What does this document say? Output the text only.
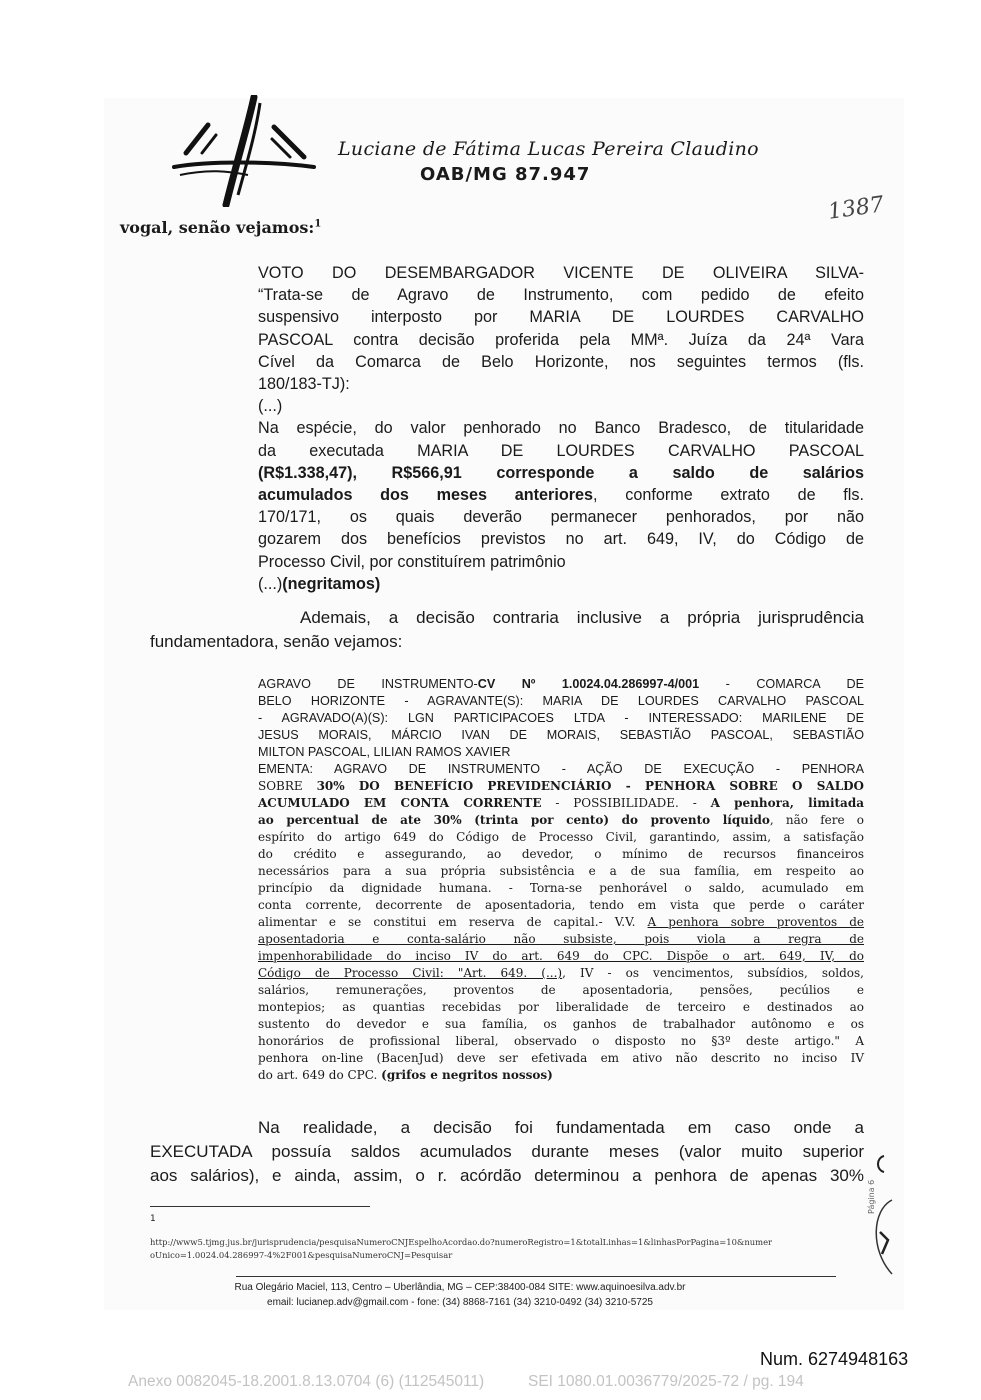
Luciane de Fátima Lucas Pereira Claudino
OAB/MG 87.947
1387
vogal, senão vejamos:$^1$
VOTO DO DESEMBARGADOR VICENTE DE OLIVEIRA SILVA-
“Trata-se de Agravo de Instrumento, com pedido de efeito
suspensivo interposto por MARIA DE LOURDES CARVALHO
PASCOAL contra decisão proferida pela MMª. Juíza da 24ª Vara
Cível da Comarca de Belo Horizonte, nos seguintes termos (fls.
180/183-TJ):
(...)
Na espécie, do valor penhorado no Banco Bradesco, de titularidade
da executada MARIA DE LOURDES CARVALHO PASCOAL
(R$1.338,47), R$566,91 corresponde a saldo de salários
acumulados dos meses anteriores, conforme extrato de fls.
170/171, os quais deverão permanecer penhorados, por não
gozarem dos benefícios previstos no art. 649, IV, do Código de
Processo Civil, por constituírem patrimônio
(...)(negritamos)
Ademais, a decisão contraria inclusive a própria jurisprudência
fundamentadora, senão vejamos:
AGRAVO DE INSTRUMENTO-CV Nº 1.0024.04.286997-4/001 - COMARCA DE
BELO HORIZONTE - AGRAVANTE(S): MARIA DE LOURDES CARVALHO PASCOAL
- AGRAVADO(A)(S): LGN PARTICIPACOES LTDA - INTERESSADO: MARILENE DE
JESUS MORAIS, MÁRCIO IVAN DE MORAIS, SEBASTIÃO PASCOAL, SEBASTIÃO
MILTON PASCOAL, LILIAN RAMOS XAVIER
EMENTA: AGRAVO DE INSTRUMENTO - AÇÃO DE EXECUÇÃO - PENHORA
SOBRE 30% DO BENEFÍCIO PREVIDENCIÁRIO - PENHORA SOBRE O SALDO
ACUMULADO EM CONTA CORRENTE - POSSIBILIDADE. - A penhora, limitada
ao percentual de ate 30% (trinta por cento) do provento líquido, não fere o
espírito do artigo 649 do Código de Processo Civil, garantindo, assim, a satisfação
do crédito e assegurando, ao devedor, o mínimo de recursos financeiros
necessários para a sua própria subsistência e a de sua família, em respeito ao
princípio da dignidade humana. - Torna-se penhorável o saldo, acumulado em
conta corrente, decorrente de aposentadoria, tendo em vista que perde o caráter
alimentar e se constitui em reserva de capital.- V.V. A penhora sobre proventos de
aposentadoria e conta-salário não subsiste, pois viola a regra de
impenhorabilidade do inciso IV do art. 649 do CPC. Dispõe o art. 649, IV, do
Código de Processo Civil: "Art. 649. (...), IV - os vencimentos, subsídios, soldos,
salários, remunerações, proventos de aposentadoria, pensões, pecúlios e
montepios; as quantias recebidas por liberalidade de terceiro e destinados ao
sustento do devedor e sua família, os ganhos de trabalhador autônomo e os
honorários de profissional liberal, observado o disposto no §3º deste artigo." A
penhora on-line (BacenJud) deve ser efetivada em ativo não descrito no inciso IV
do art. 649 do CPC. (grifos e negritos nossos)
Na realidade, a decisão foi fundamentada em caso onde a
EXECUTADA possuía saldos acumulados durante meses (valor muito superior
aos salários), e ainda, assim, o r. acórdão determinou a penhora de apenas 30%
1
http://www5.tjmg.jus.br/jurisprudencia/pesquisaNumeroCNJEspelhoAcordao.do?numeroRegistro=1&totalLinhas=1&linhasPorPagina=10&numer
oUnico=1.0024.04.286997-4%2F001&pesquisaNumeroCNJ=Pesquisar
Rua Olegário Maciel, 113, Centro – Uberlândia, MG – CEP:38400-084 SITE: www.aquinoesilva.adv.br
email: lucianep.adv@gmail.com - fone: (34) 8868-7161 (34) 3210-0492 (34) 3210-5725
Página 6
Num. 6274948163
Anexo 0082045-18.2001.8.13.0704 (6) (112545011)	SEI 1080.01.0036779/2025-72 / pg. 194
